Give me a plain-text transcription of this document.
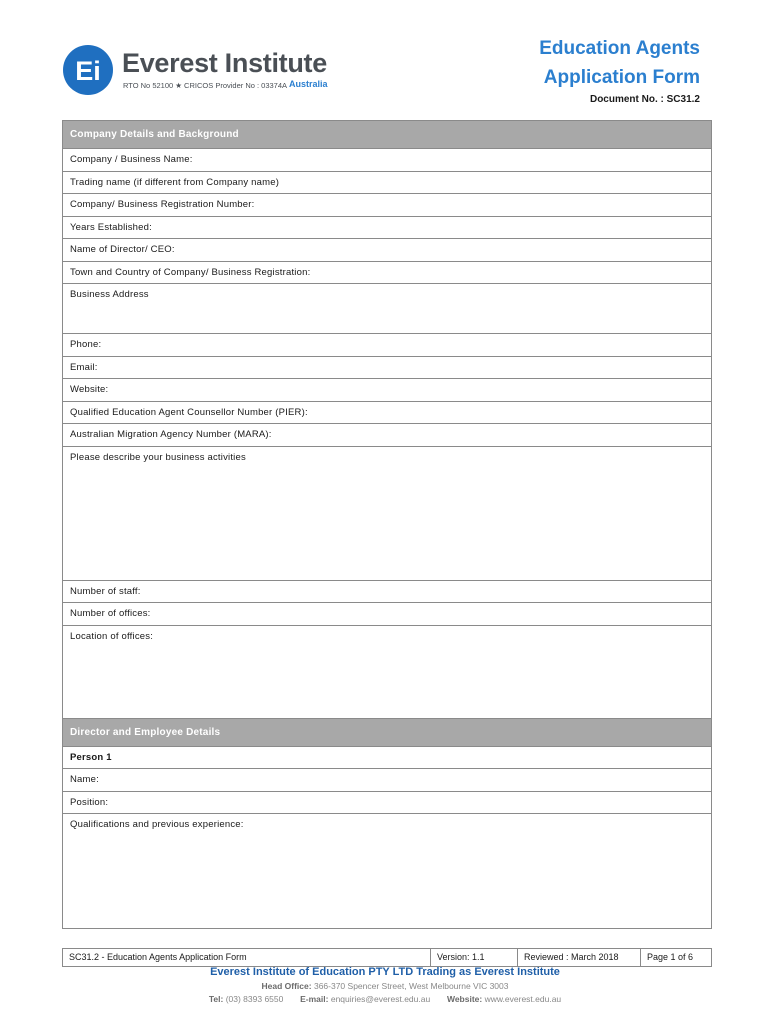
Ei Everest Institute
RTO No 52100 ★ CRICOS Provider No : 03374A Australia
Education Agents
Application Form
Document No. : SC31.2
Company Details and Background
Company / Business Name:
Trading name (if different from Company name)
Company/ Business Registration Number:
Years Established:
Name of Director/ CEO:
Town and Country of Company/ Business Registration:
Business Address
Phone:
Email:
Website:
Qualified Education Agent Counsellor Number (PIER):
Australian Migration Agency Number (MARA):
Please describe your business activities
Number of staff:
Number of offices:
Location of offices:
Director and Employee Details
Person 1
Name:
Position:
Qualifications and previous experience:
SC31.2 - Education Agents Application Form	Version: 1.1	Reviewed : March 2018	Page 1 of 6
Everest Institute of Education PTY LTD Trading as Everest Institute
Head Office: 366-370 Spencer Street, West Melbourne VIC 3003
Tel: (03) 8393 6550 E-mail: enquiries@everest.edu.au Website: www.everest.edu.au
